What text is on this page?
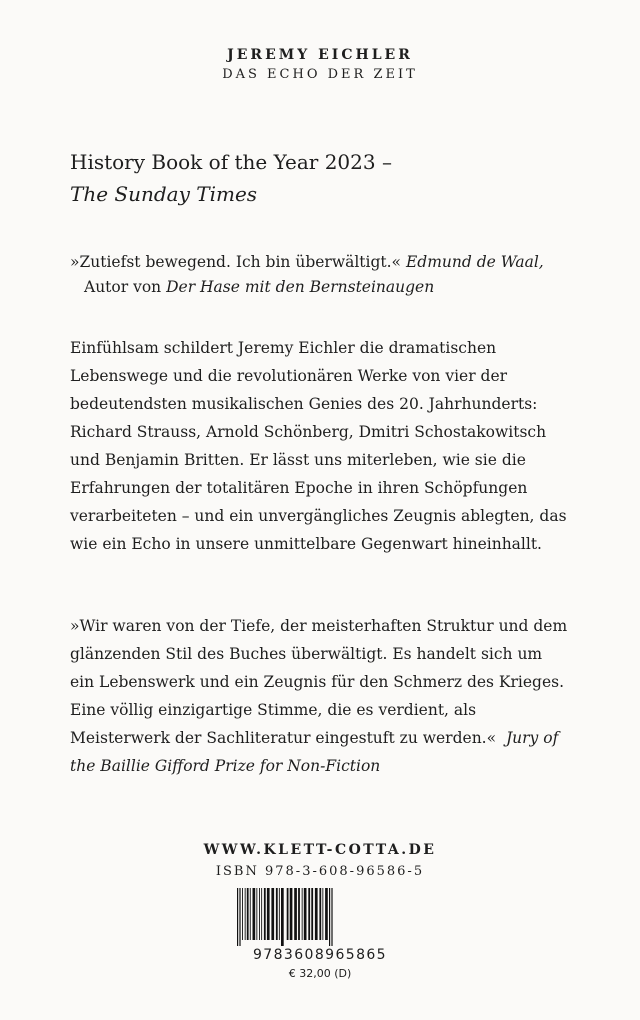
JEREMY EICHLER
DAS ECHO DER ZEIT
History Book of the Year 2023 –
The Sunday Times
»Zutiefst bewegend. Ich bin überwältigt.« Edmund de Waal,
Autor von Der Hase mit den Bernsteinaugen
Einfühlsam schildert Jeremy Eichler die dramatischen Lebenswege und die revolutionären Werke von vier der bedeutendsten musikalischen Genies des 20. Jahrhunderts: Richard Strauss, Arnold Schönberg, Dmitri Schostakowitsch und Benjamin Britten. Er lässt uns miterleben, wie sie die Erfahrungen der totalitären Epoche in ihren Schöpfungen verarbeiteten – und ein unvergängliches Zeugnis ablegten, das wie ein Echo in unsere unmittelbare Gegenwart hineinhallt.
»Wir waren von der Tiefe, der meisterhaften Struktur und dem glänzenden Stil des Buches überwältigt. Es handelt sich um ein Lebenswerk und ein Zeugnis für den Schmerz des Krieges. Eine völlig einzigartige Stimme, die es verdient, als Meisterwerk der Sachliteratur eingestuft zu werden.« Jury of the Baillie Gifford Prize for Non-Fiction
WWW.KLETT-COTTA.DE
ISBN 978-3-608-96586-5
9783608965865
€ 32,00 (D)
